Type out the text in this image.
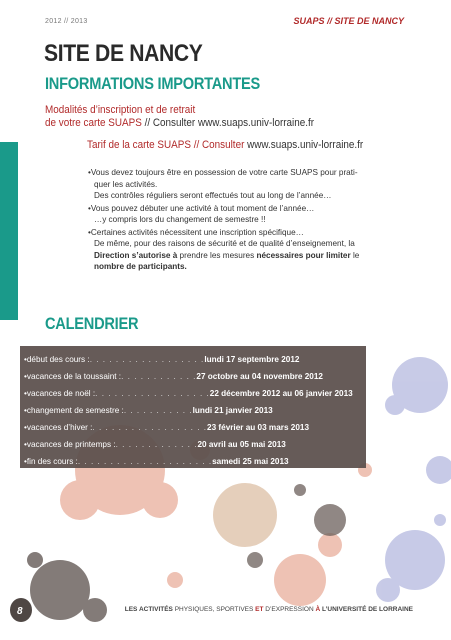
2012 // 2013	SUAPS // SITE DE NANCY
SITE DE NANCY
INFORMATIONS IMPORTANTES
Modalités d’inscription et de retrait
de votre carte SUAPS // Consulter www.suaps.univ-lorraine.fr
Tarif de la carte SUAPS // Consulter www.suaps.univ-lorraine.fr
•Vous devez toujours être en possession de votre carte SUAPS pour prati-
quer les activités.
Des contrôles réguliers seront effectués tout au long de l’année…
•Vous pouvez débuter une activité à tout moment de l’année…
…y compris lors du changement de semestre !!
•Certaines activités nécessitent une inscription spécifique…
De même, pour des raisons de sécurité et de qualité d’enseignement, la
Direction s’autorise à prendre les mesures nécessaires pour limiter le
nombre de participants.
CALENDRIER
•début des cours :. . . . . . . . . . . . . . . . . .lundi 17 septembre 2012
•vacances de la toussaint :. . . . . . . . . . . .27 octobre au 04 novembre 2012
•vacances de noël :. . . . . . . . . . . . . . . . . .22 décembre 2012 au 06 janvier 2013
•changement de semestre :. . . . . . . . . . .lundi 21 janvier 2013
•vacances d’hiver :. . . . . . . . . . . . . . . . . .23 février au 03 mars 2013
•vacances de printemps :. . . . . . . . . . . . .20 avril au 05 mai 2013
•fin des cours :. . . . . . . . . . . . . . . . . . . . .samedi 25 mai 2013
8	LES ACTIVITÉS PHYSIQUES, SPORTIVES ET D’EXPRESSION À L’UNIVERSITÉ DE LORRAINE
